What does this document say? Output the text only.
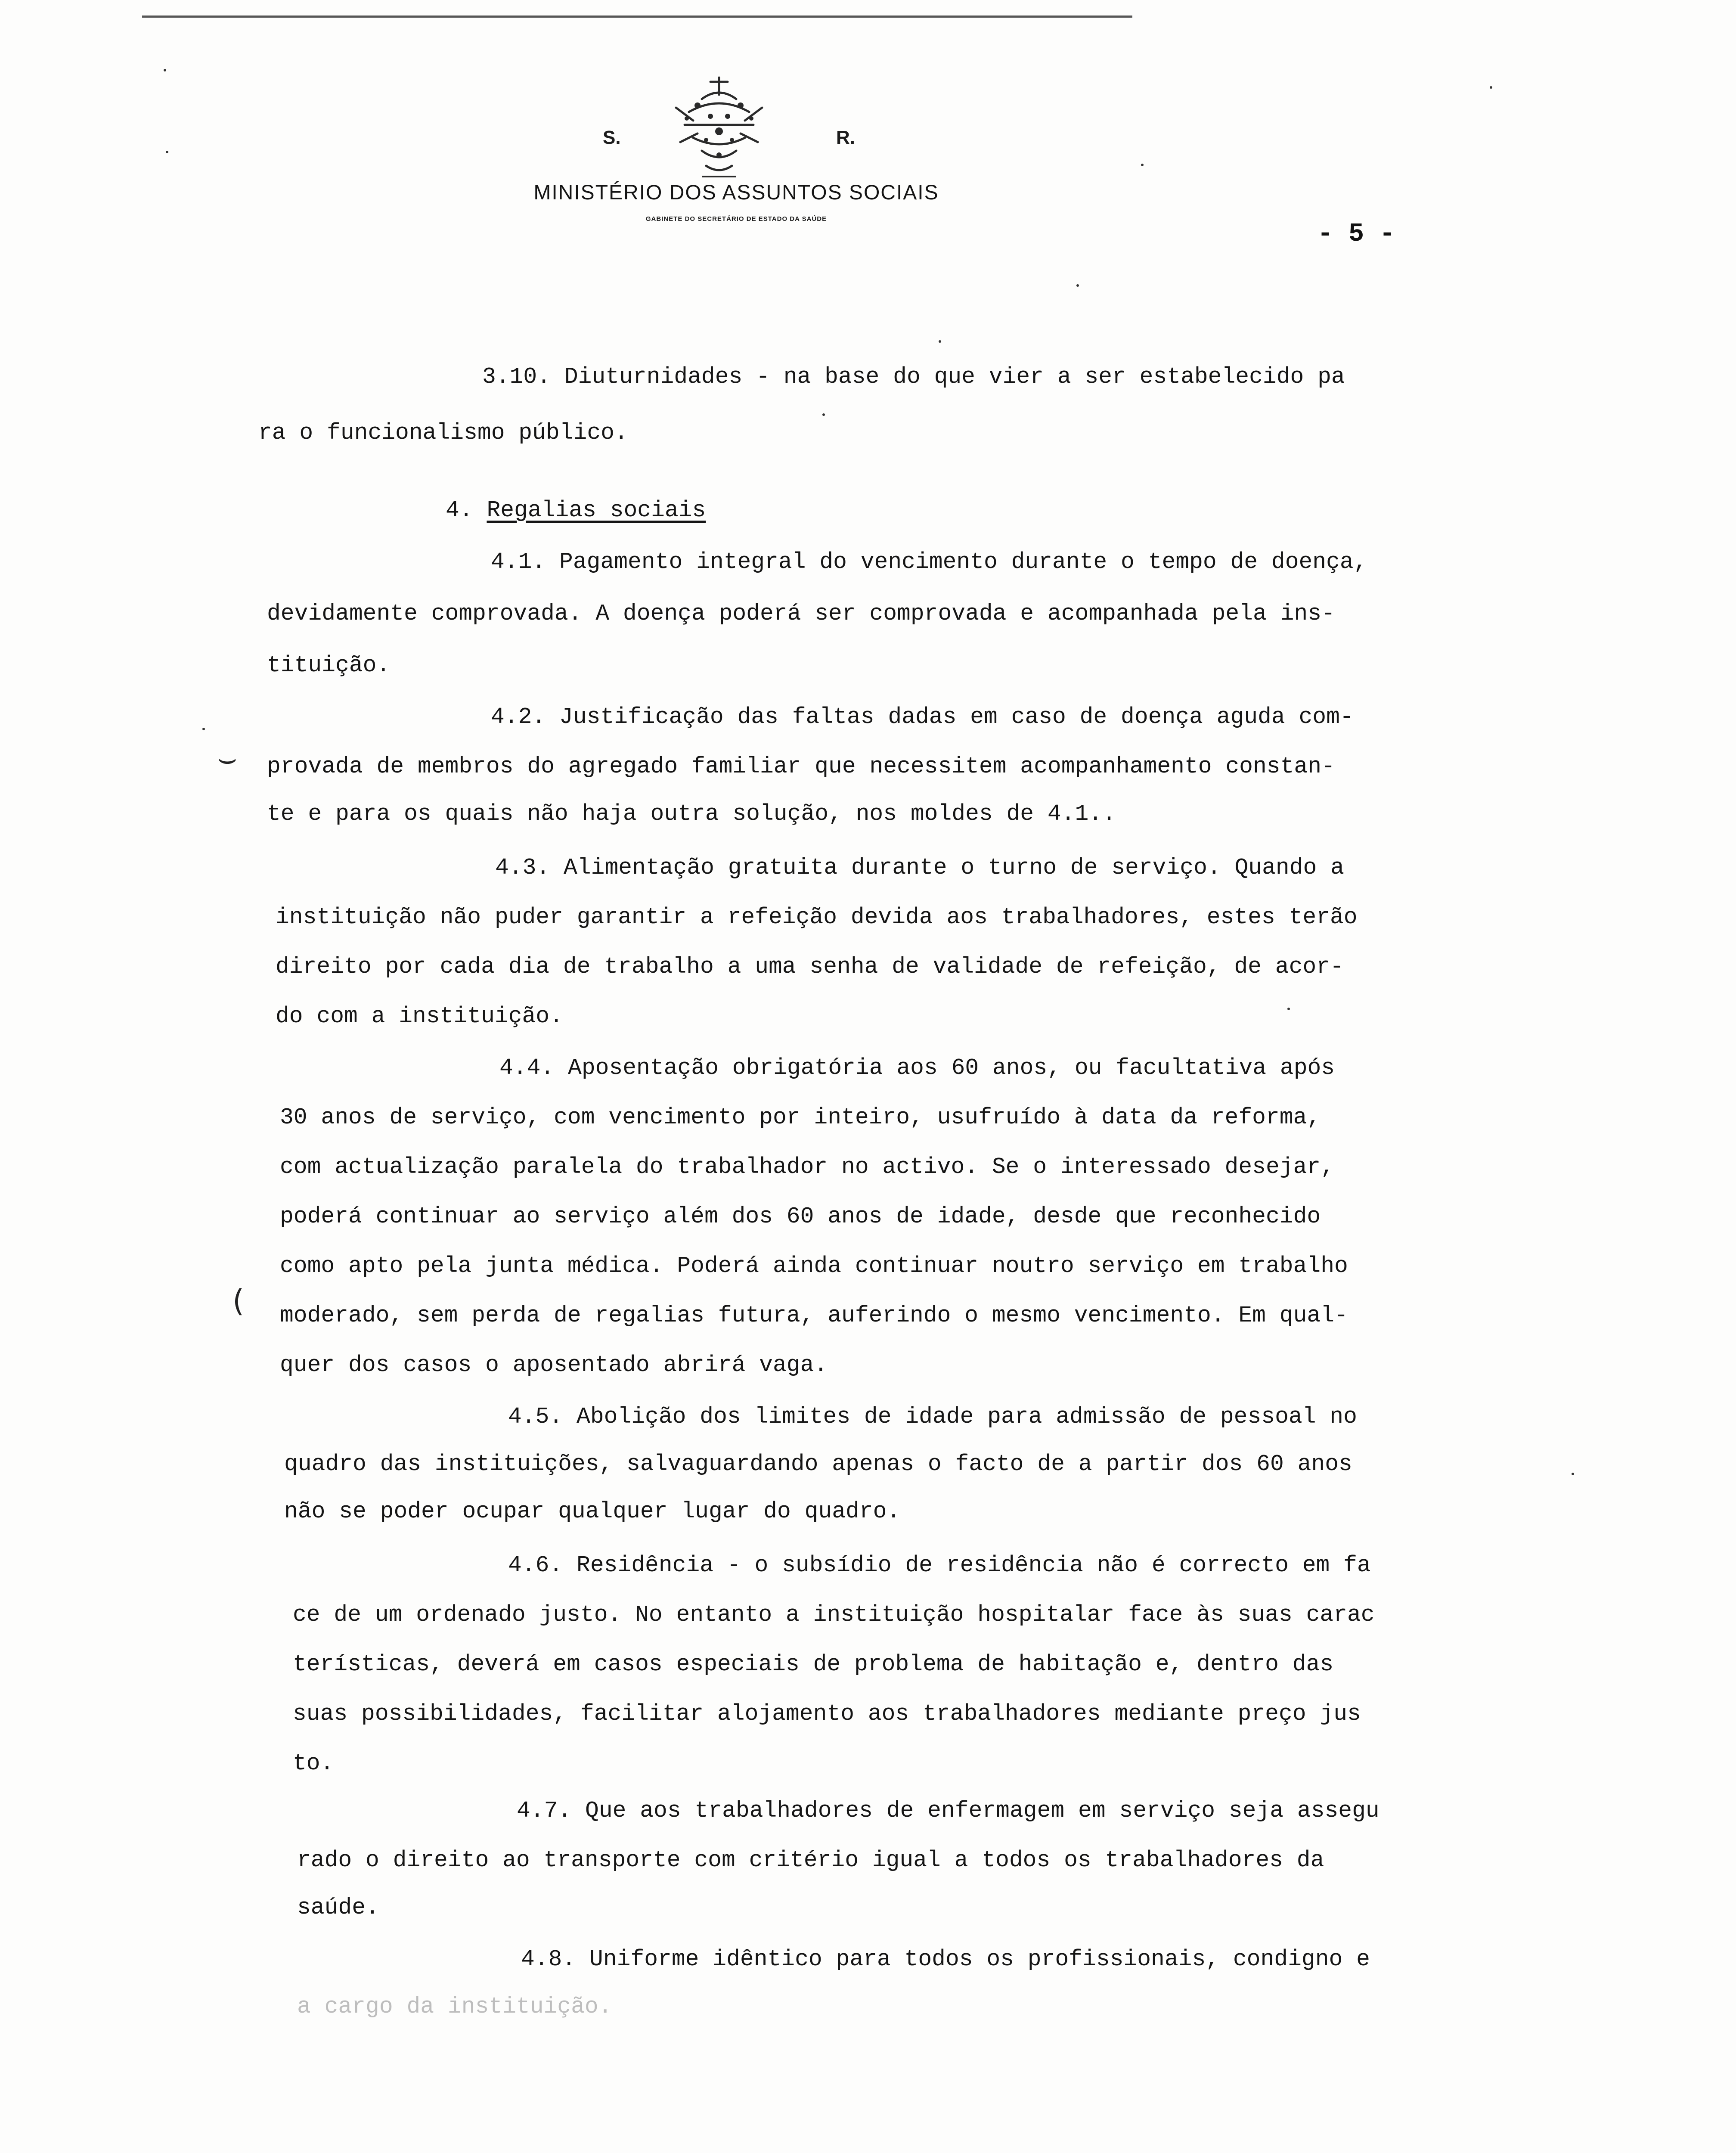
S.	R.
MINISTÉRIO DOS ASSUNTOS SOCIAIS
GABINETE DO SECRETÁRIO DE ESTADO DA SAÚDE
- 5 -
3.10. Diuturnidades - na base do que vier a ser estabelecido pa
ra o funcionalismo público.
4. Regalias sociais
4.1. Pagamento integral do vencimento durante o tempo de doença,
devidamente comprovada. A doença poderá ser comprovada e acompanhada pela ins-
tituição.
4.2. Justificação das faltas dadas em caso de doença aguda com-
provada de membros do agregado familiar que necessitem acompanhamento constan-
te e para os quais não haja outra solução, nos moldes de 4.1..
4.3. Alimentação gratuita durante o turno de serviço. Quando a
instituição não puder garantir a refeição devida aos trabalhadores, estes terão
direito por cada dia de trabalho a uma senha de validade de refeição, de acor-
do com a instituição.
4.4. Aposentação obrigatória aos 60 anos, ou facultativa após
30 anos de serviço, com vencimento por inteiro, usufruído à data da reforma,
com actualização paralela do trabalhador no activo. Se o interessado desejar,
poderá continuar ao serviço além dos 60 anos de idade, desde que reconhecido
como apto pela junta médica. Poderá ainda continuar noutro serviço em trabalho
moderado, sem perda de regalias futura, auferindo o mesmo vencimento. Em qual-
quer dos casos o aposentado abrirá vaga.
4.5. Abolição dos limites de idade para admissão de pessoal no
quadro das instituições, salvaguardando apenas o facto de a partir dos 60 anos
não se poder ocupar qualquer lugar do quadro.
4.6. Residência - o subsídio de residência não é correcto em fa
ce de um ordenado justo. No entanto a instituição hospitalar face às suas carac
terísticas, deverá em casos especiais de problema de habitação e, dentro das
suas possibilidades, facilitar alojamento aos trabalhadores mediante preço jus
to.
4.7. Que aos trabalhadores de enfermagem em serviço seja assegu
rado o direito ao transporte com critério igual a todos os trabalhadores da
saúde.
4.8. Uniforme idêntico para todos os profissionais, condigno e
a cargo da instituição.
⌣
(
